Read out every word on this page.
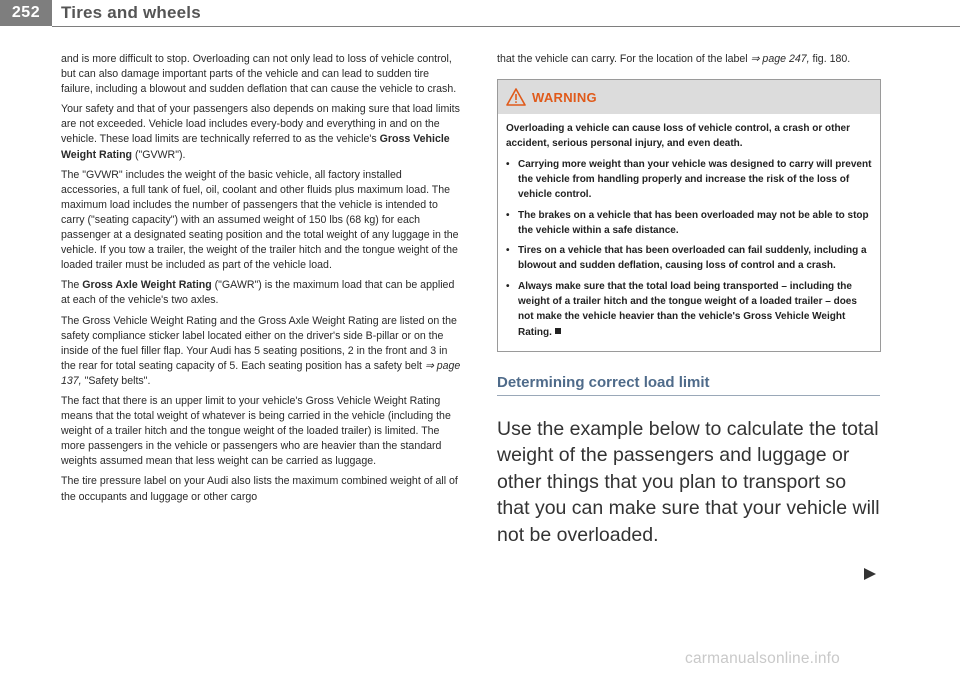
252	Tires and wheels

and is more difficult to stop. Overloading can not only lead to loss of vehicle control, but can also damage important parts of the vehicle and can lead to sudden tire failure, including a blowout and sudden deflation that can cause the vehicle to crash.

Your safety and that of your passengers also depends on making sure that load limits are not exceeded. Vehicle load includes every-body and everything in and on the vehicle. These load limits are technically referred to as the vehicle's Gross Vehicle Weight Rating ("GVWR").

The "GVWR" includes the weight of the basic vehicle, all factory installed accessories, a full tank of fuel, oil, coolant and other fluids plus maximum load. The maximum load includes the number of passengers that the vehicle is intended to carry ("seating capacity") with an assumed weight of 150 lbs (68 kg) for each passenger at a designated seating position and the total weight of any luggage in the vehicle. If you tow a trailer, the weight of the trailer hitch and the tongue weight of the loaded trailer must be included as part of the vehicle load.

The Gross Axle Weight Rating ("GAWR") is the maximum load that can be applied at each of the vehicle's two axles.

The Gross Vehicle Weight Rating and the Gross Axle Weight Rating are listed on the safety compliance sticker label located either on the driver's side B-pillar or on the inside of the fuel filler flap. Your Audi has 5 seating positions, 2 in the front and 3 in the rear for total seating capacity of 5. Each seating position has a safety belt ⇒ page 137, "Safety belts".

The fact that there is an upper limit to your vehicle's Gross Vehicle Weight Rating means that the total weight of whatever is being carried in the vehicle (including the weight of a trailer hitch and the tongue weight of the loaded trailer) is limited. The more passengers in the vehicle or passengers who are heavier than the standard weights assumed mean that less weight can be carried as luggage.

The tire pressure label on your Audi also lists the maximum combined weight of all of the occupants and luggage or other cargo

that the vehicle can carry. For the location of the label ⇒ page 247, fig. 180.

WARNING

Overloading a vehicle can cause loss of vehicle control, a crash or other accident, serious personal injury, and even death.

• Carrying more weight than your vehicle was designed to carry will prevent the vehicle from handling properly and increase the risk of the loss of vehicle control.

• The brakes on a vehicle that has been overloaded may not be able to stop the vehicle within a safe distance.

• Tires on a vehicle that has been overloaded can fail suddenly, including a blowout and sudden deflation, causing loss of control and a crash.

• Always make sure that the total load being transported – including the weight of a trailer hitch and the tongue weight of a loaded trailer – does not make the vehicle heavier than the vehicle's Gross Vehicle Weight Rating.

Determining correct load limit
Use the example below to calculate the total weight of the passengers and luggage or other things that you plan to transport so that you can make sure that your vehicle will not be overloaded.
carmanualsonline.info
